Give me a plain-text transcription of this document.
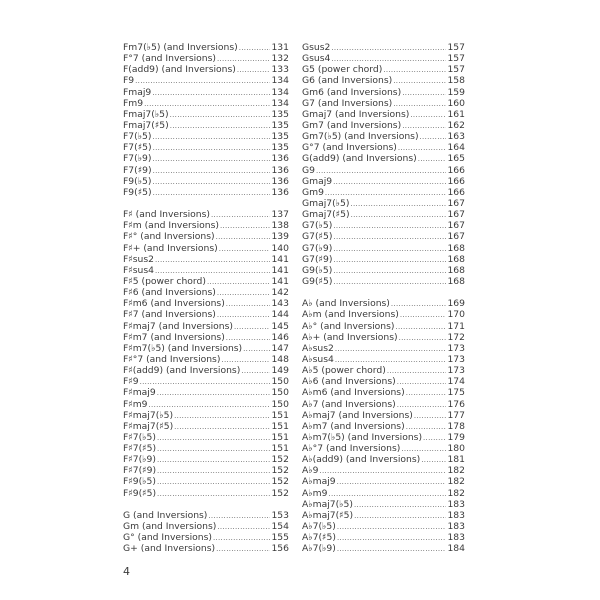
Fm7(♭5) (and Inversions) .....	131
F°7 (and Inversions) .....	132
F(add9) (and Inversions) .....	133
F9 .....	134
Fmaj9 .....	134
Fm9 .....	134
Fmaj7(♭5) .....	135
Fmaj7(♯5) .....	135
F7(♭5) .....	135
F7(♯5) .....	135
F7(♭9) .....	136
F7(♯9) .....	136
F9(♭5) .....	136
F9(♯5) .....	136
F♯ (and Inversions) .....	137
F♯m (and Inversions) .....	138
F♯° (and Inversions) .....	139
F♯+ (and Inversions) .....	140
F♯sus2 .....	141
F♯sus4 .....	141
F♯5 (power chord) .....	141
F♯6 (and Inversions) .....	142
F♯m6 (and Inversions) .....	143
F♯7 (and Inversions) .....	144
F♯maj7 (and Inversions) .....	145
F♯m7 (and Inversions) .....	146
F♯m7(♭5) (and Inversions) .....	147
F♯°7 (and Inversions) .....	148
F♯(add9) (and Inversions) .....	149
F♯9 .....	150
F♯maj9 .....	150
F♯m9 .....	150
F♯maj7(♭5) .....	151
F♯maj7(♯5) .....	151
F♯7(♭5) .....	151
F♯7(♯5) .....	151
F♯7(♭9) .....	152
F♯7(♯9) .....	152
F♯9(♭5) .....	152
F♯9(♯5) .....	152
G (and Inversions) .....	153
Gm (and Inversions) .....	154
G° (and Inversions) .....	155
G+ (and Inversions) .....	156
Gsus2 .....	157
Gsus4 .....	157
G5 (power chord) .....	157
G6 (and Inversions) .....	158
Gm6 (and Inversions) .....	159
G7 (and Inversions) .....	160
Gmaj7 (and Inversions) .....	161
Gm7 (and Inversions) .....	162
Gm7(♭5) (and Inversions) .....	163
G°7 (and Inversions) .....	164
G(add9) (and Inversions) .....	165
G9 .....	166
Gmaj9 .....	166
Gm9 .....	166
Gmaj7(♭5) .....	167
Gmaj7(♯5) .....	167
G7(♭5) .....	167
G7(♯5) .....	167
G7(♭9) .....	168
G7(♯9) .....	168
G9(♭5) .....	168
G9(♯5) .....	168
A♭ (and Inversions) .....	169
A♭m (and Inversions) .....	170
A♭° (and Inversions) .....	171
A♭+ (and Inversions) .....	172
A♭sus2 .....	173
A♭sus4 .....	173
A♭5 (power chord) .....	173
A♭6 (and Inversions) .....	174
A♭m6 (and Inversions) .....	175
A♭7 (and Inversions) .....	176
A♭maj7 (and Inversions) .....	177
A♭m7 (and Inversions) .....	178
A♭m7(♭5) (and Inversions) .....	179
A♭°7 (and Inversions) .....	180
A♭(add9) (and Inversions) .....	181
A♭9 .....	182
A♭maj9 .....	182
A♭m9 .....	182
A♭maj7(♭5) .....	183
A♭maj7(♯5) .....	183
A♭7(♭5) .....	183
A♭7(♯5) .....	183
A♭7(♭9) .....	184
4
